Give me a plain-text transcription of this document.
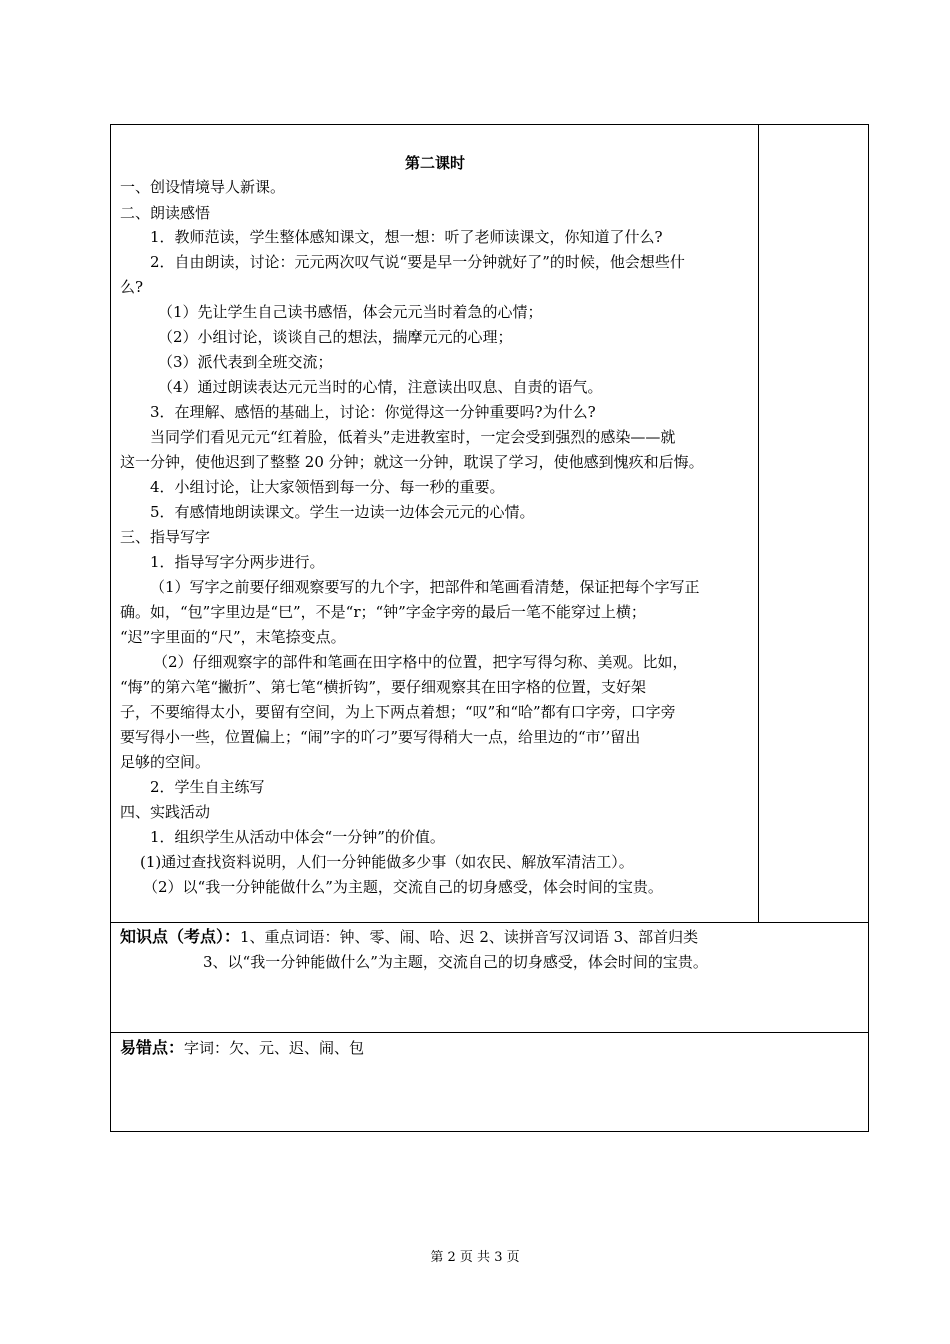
第二课时
一、创设情境导人新课。
二、朗读感悟
1．教师范读，学生整体感知课文，想一想：听了老师读课文，你知道了什么?
2．自由朗读，讨论：元元两次叹气说“要是早一分钟就好了”的时候，他会想些什
么?
（1）先让学生自己读书感悟，体会元元当时着急的心情；
（2）小组讨论，谈谈自己的想法，揣摩元元的心理；
（3）派代表到全班交流；
（4）通过朗读表达元元当时的心情，注意读出叹息、自责的语气。
3．在理解、感悟的基础上，讨论：你觉得这一分钟重要吗?为什么?
当同学们看见元元“红着脸，低着头”走进教室时，一定会受到强烈的感染——就
这一分钟，使他迟到了整整 20 分钟；就这一分钟，耽误了学习，使他感到愧疚和后悔。
4．小组讨论，让大家领悟到每一分、每一秒的重要。
5．有感情地朗读课文。学生一边读一边体会元元的心情。
三、指导写字
1．指导写字分两步进行。
（1）写字之前要仔细观察要写的九个字，把部件和笔画看清楚，保证把每个字写正
确。如，“包”字里边是“巳”，不是“r；“钟”字金字旁的最后一笔不能穿过上横；
“迟”字里面的“尺”，末笔捺变点。
（2）仔细观察字的部件和笔画在田字格中的位置，把字写得匀称、美观。比如，
“悔”的第六笔“撇折”、第七笔“横折钩”，要仔细观察其在田字格的位置，支好架
子，不要缩得太小，要留有空间，为上下两点着想；“叹”和“哈”都有口字旁，口字旁
要写得小一些，位置偏上；“闹”字的吖刁”要写得稍大一点，给里边的“市’’留出
足够的空间。
2．学生自主练写
四、实践活动
1．组织学生从活动中体会“一分钟”的价值。
(1)通过查找资料说明，人们一分钟能做多少事（如农民、解放军清洁工）。
（2）以“我一分钟能做什么”为主题，交流自己的切身感受，体会时间的宝贵。
知识点（考点）：1、重点词语：钟、零、闹、哈、迟 2、读拼音写汉词语 3、部首归类
3、以“我一分钟能做什么”为主题，交流自己的切身感受，体会时间的宝贵。
易错点：字词：欠、元、迟、闹、包
第 2 页 共 3 页
